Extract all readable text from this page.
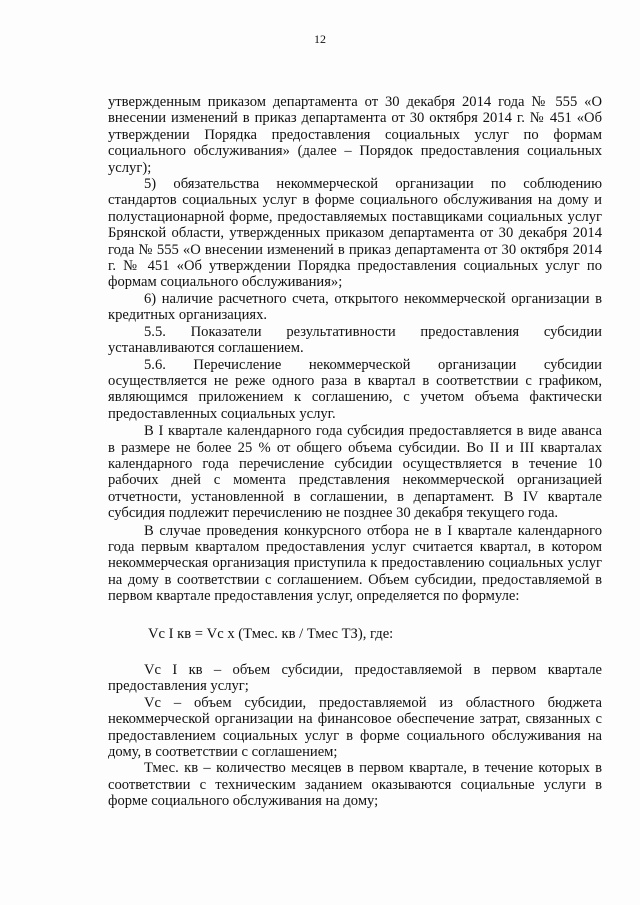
12

утвержденным приказом департамента от 30 декабря 2014 года № 555 «О внесении изменений в приказ департамента от 30 октября 2014 г. № 451 «Об утверждении Порядка предоставления социальных услуг по формам социального обслуживания» (далее – Порядок предоставления социальных услуг);

5) обязательства некоммерческой организации по соблюдению стандартов социальных услуг в форме социального обслуживания на дому и полустационарной форме, предоставляемых поставщиками социальных услуг Брянской области, утвержденных приказом департамента от 30 декабря 2014 года № 555 «О внесении изменений в приказ департамента от 30 октября 2014 г. № 451 «Об утверждении Порядка предоставления социальных услуг по формам социального обслуживания»;

6) наличие расчетного счета, открытого некоммерческой организации в кредитных организациях.

5.5. Показатели результативности предоставления субсидии устанавливаются соглашением.

5.6. Перечисление некоммерческой организации субсидии осуществляется не реже одного раза в квартал в соответствии с графиком, являющимся приложением к соглашению, с учетом объема фактически предоставленных социальных услуг.

В I квартале календарного года субсидия предоставляется в виде аванса в размере не более 25 % от общего объема субсидии. Во II и III кварталах календарного года перечисление субсидии осуществляется в течение 10 рабочих дней с момента представления некоммерческой организацией отчетности, установленной в соглашении, в департамент. В IV квартале субсидия подлежит перечислению не позднее 30 декабря текущего года.

В случае проведения конкурсного отбора не в I квартале календарного года первым кварталом предоставления услуг считается квартал, в котором некоммерческая организация приступила к предоставлению социальных услуг на дому в соответствии с соглашением. Объем субсидии, предоставляемой в первом квартале предоставления услуг, определяется по формуле:

Vс I кв = Vс х (Тмес. кв / Тмес ТЗ), где:

Vс I кв – объем субсидии, предоставляемой в первом квартале предоставления услуг;

Vс – объем субсидии, предоставляемой из областного бюджета некоммерческой организации на финансовое обеспечение затрат, связанных с предоставлением социальных услуг в форме социального обслуживания на дому, в соответствии с соглашением;

Тмес. кв – количество месяцев в первом квартале, в течение которых в соответствии с техническим заданием оказываются социальные услуги в форме социального обслуживания на дому;
